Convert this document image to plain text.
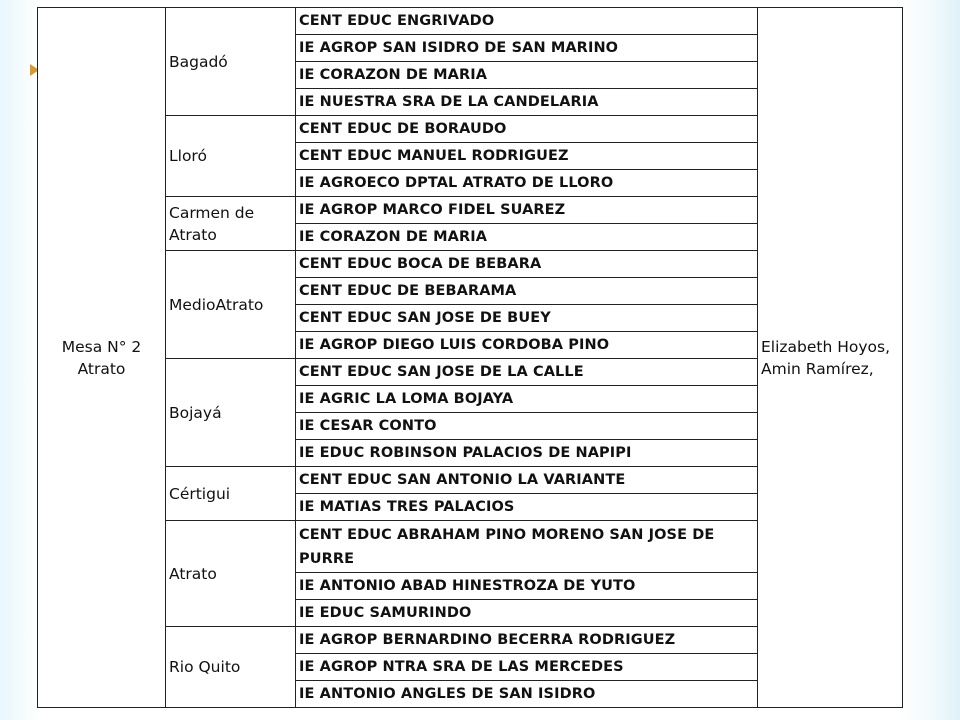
Mesa N° 2 Atrato	Bagadó	CENT EDUC ENGRIVADO	Elizabeth Hoyos, Amin Ramírez,
		IE AGROP SAN ISIDRO DE SAN MARINO	
		IE CORAZON DE MARIA	
		IE NUESTRA SRA DE LA CANDELARIA	
	Lloró	CENT EDUC DE BORAUDO	
		CENT EDUC MANUEL RODRIGUEZ	
		IE AGROECO DPTAL ATRATO DE LLORO	
	Carmen de Atrato	IE AGROP MARCO FIDEL SUAREZ	
		IE CORAZON DE MARIA	
	MedioAtrato	CENT EDUC BOCA DE BEBARA	
		CENT EDUC DE BEBARAMA	
		CENT EDUC SAN JOSE DE BUEY	
		IE AGROP DIEGO LUIS CORDOBA PINO	
	Bojayá	CENT EDUC SAN JOSE DE LA CALLE	
		IE AGRIC LA LOMA BOJAYA	
		IE CESAR CONTO	
		IE EDUC ROBINSON PALACIOS DE NAPIPI	
	Cértigui	CENT EDUC SAN ANTONIO LA VARIANTE	
		IE MATIAS TRES PALACIOS	
	Atrato	CENT EDUC ABRAHAM PINO MORENO SAN JOSE DE PURRE	
		IE ANTONIO ABAD HINESTROZA DE YUTO	
		IE EDUC SAMURINDO	
	Rio Quito	IE AGROP BERNARDINO BECERRA RODRIGUEZ	
		IE AGROP NTRA SRA DE LAS MERCEDES	
		IE ANTONIO ANGLES DE SAN ISIDRO	
